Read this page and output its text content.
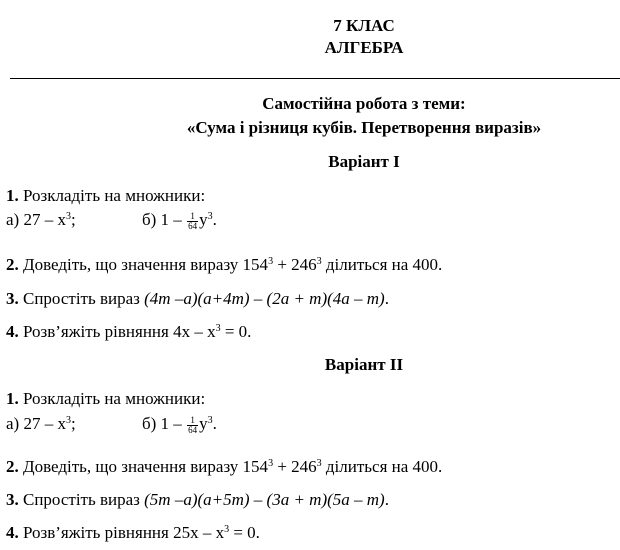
7 КЛАС
АЛГЕБРА
Самостійна робота з теми:
«Сума і різниця кубів. Перетворення виразів»
Варіант І
1. Розкладіть на множники:
а) $27 - x^3$;	б) $1 - \frac{1}{64} y^3$.
2. Доведіть, що значення виразу $154^3 + 246^3$ ділиться на 400.
3. Спростіть вираз (4m –a)(a+4m) – (2a + m)(4a – m).
4. Розв’яжіть рівняння $4x - x^3 = 0$.
Варіант ІІ
1. Розкладіть на множники:
а) $27 - x^3$;	б) $1 - \frac{1}{64} y^3$.
2. Доведіть, що значення виразу $154^3 + 246^3$ ділиться на 400.
3. Спростіть вираз (5m –a)(a+5m) – (3a + m)(5a – m).
4. Розв’яжіть рівняння $25x - x^3 = 0$.
